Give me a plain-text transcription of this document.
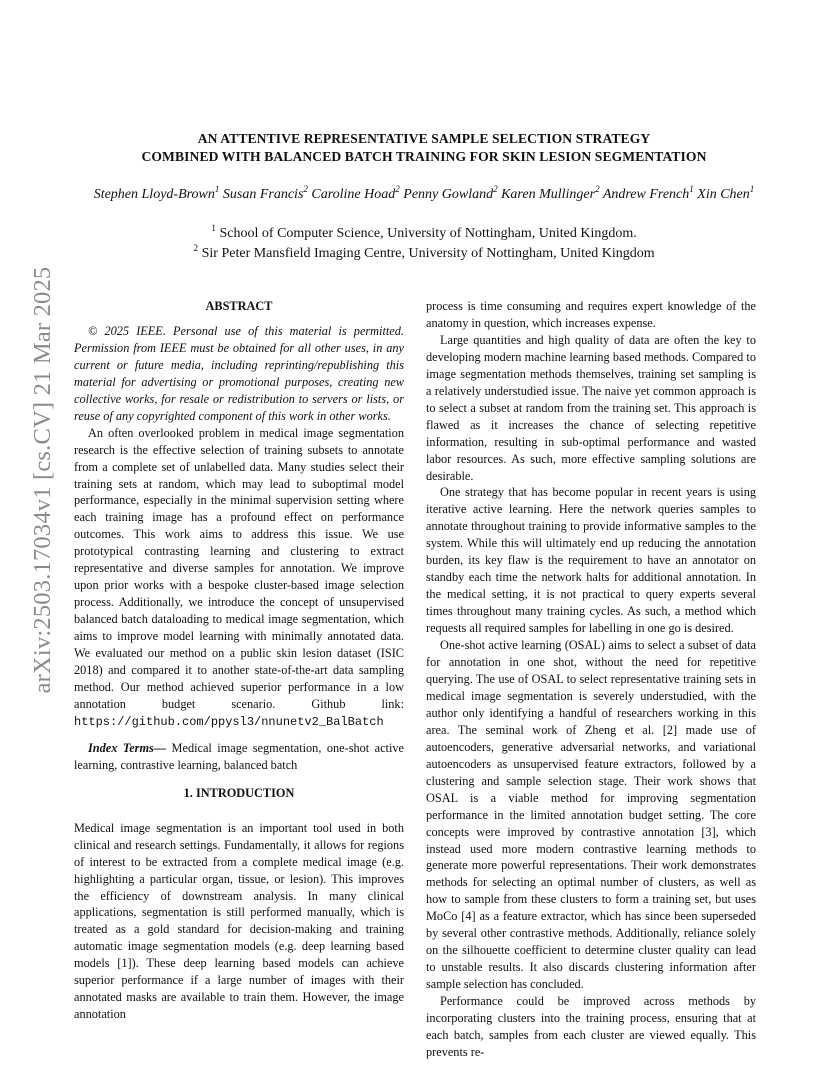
arXiv:2503.17034v1 [cs.CV] 21 Mar 2025
AN ATTENTIVE REPRESENTATIVE SAMPLE SELECTION STRATEGY
COMBINED WITH BALANCED BATCH TRAINING FOR SKIN LESION SEGMENTATION
Stephen Lloyd-Brown$^1$ Susan Francis$^2$ Caroline Hoad$^2$ Penny Gowland$^2$ Karen Mullinger$^2$ Andrew French$^1$ Xin Chen$^1$
$^1$ School of Computer Science, University of Nottingham, United Kingdom.
$^2$ Sir Peter Mansfield Imaging Centre, University of Nottingham, United Kingdom
ABSTRACT

© 2025 IEEE. Personal use of this material is permitted. Permission from IEEE must be obtained for all other uses, in any current or future media, including reprinting/republishing this material for advertising or promotional purposes, creating new collective works, for resale or redistribution to servers or lists, or reuse of any copyrighted component of this work in other works.

An often overlooked problem in medical image segmentation research is the effective selection of training subsets to annotate from a complete set of unlabelled data. Many studies select their training sets at random, which may lead to suboptimal model performance, especially in the minimal supervision setting where each training image has a profound effect on performance outcomes. This work aims to address this issue. We use prototypical contrasting learning and clustering to extract representative and diverse samples for annotation. We improve upon prior works with a bespoke cluster-based image selection process. Additionally, we introduce the concept of unsupervised balanced batch dataloading to medical image segmentation, which aims to improve model learning with minimally annotated data. We evaluated our method on a public skin lesion dataset (ISIC 2018) and compared it to another state-of-the-art data sampling method. Our method achieved superior performance in a low annotation budget scenario. Github link: https://github.com/ppysl3/nnunetv2_BalBatch

Index Terms— Medical image segmentation, one-shot active learning, contrastive learning, balanced batch

1. INTRODUCTION

Medical image segmentation is an important tool used in both clinical and research settings. Fundamentally, it allows for regions of interest to be extracted from a complete medical image (e.g. highlighting a particular organ, tissue, or lesion). This improves the efficiency of downstream analysis. In many clinical applications, segmentation is still performed manually, which is treated as a gold standard for decision-making and training automatic image segmentation models (e.g. deep learning based models [1]). These deep learning based models can achieve superior performance if a large number of images with their annotated masks are available to train them. However, the image annotation

process is time consuming and requires expert knowledge of the anatomy in question, which increases expense.

Large quantities and high quality of data are often the key to developing modern machine learning based methods. Compared to image segmentation methods themselves, training set sampling is a relatively understudied issue. The naive yet common approach is to select a subset at random from the training set. This approach is flawed as it increases the chance of selecting repetitive information, resulting in sub-optimal performance and wasted labor resources. As such, more effective sampling solutions are desirable.

One strategy that has become popular in recent years is using iterative active learning. Here the network queries samples to annotate throughout training to provide informative samples to the system. While this will ultimately end up reducing the annotation burden, its key flaw is the requirement to have an annotator on standby each time the network halts for additional annotation. In the medical setting, it is not practical to query experts several times throughout many training cycles. As such, a method which requests all required samples for labelling in one go is desired.

One-shot active learning (OSAL) aims to select a subset of data for annotation in one shot, without the need for repetitive querying. The use of OSAL to select representative training sets in medical image segmentation is severely understudied, with the author only identifying a handful of researchers working in this area. The seminal work of Zheng et al. [2] made use of autoencoders, generative adversarial networks, and variational autoencoders as unsupervised feature extractors, followed by a clustering and sample selection stage. Their work shows that OSAL is a viable method for improving segmentation performance in the limited annotation budget setting. The core concepts were improved by contrastive annotation [3], which instead used more modern contrastive learning methods to generate more powerful representations. Their work demonstrates methods for selecting an optimal number of clusters, as well as how to sample from these clusters to form a training set, but uses MoCo [4] as a feature extractor, which has since been superseded by several other contrastive methods. Additionally, reliance solely on the silhouette coefficient to determine cluster quality can lead to unstable results. It also discards clustering information after sample selection has concluded.

Performance could be improved across methods by incorporating clusters into the training process, ensuring that at each batch, samples from each cluster are viewed equally. This prevents re-
